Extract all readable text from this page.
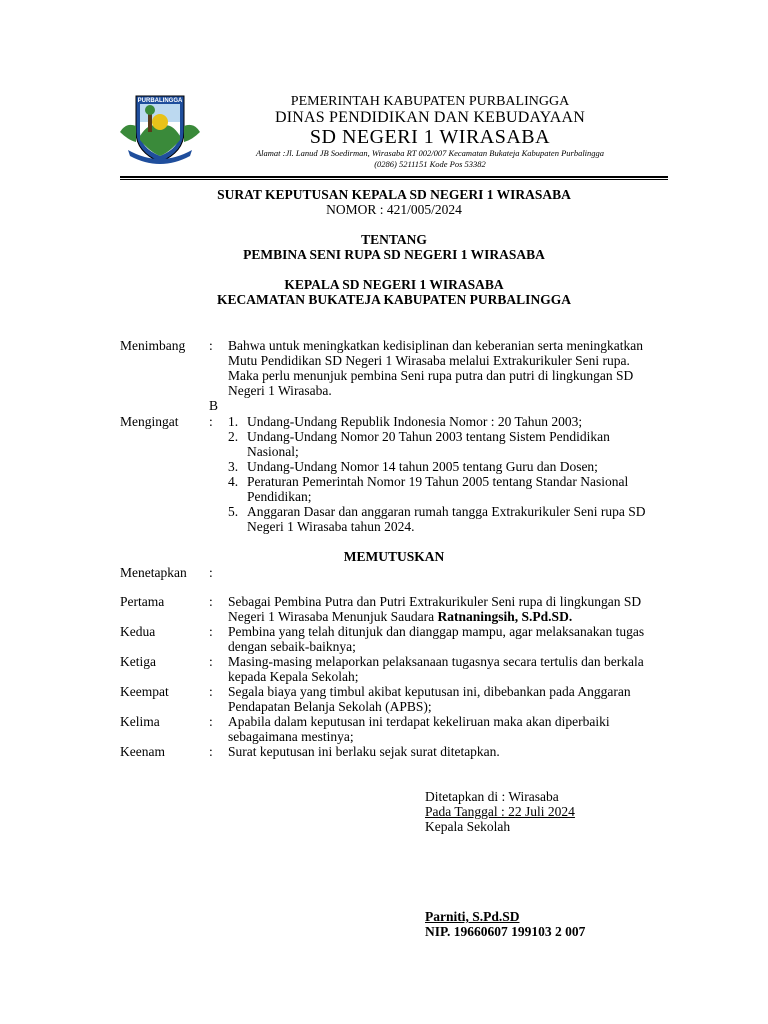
PURBALINGGA	PEMERINTAH KABUPATEN PURBALINGGA
DINAS PENDIDIKAN DAN KEBUDAYAAN
SD NEGERI 1 WIRASABA
Alamat :Jl. Lanud JB Soedirman, Wirasaba RT 002/007 Kecamatan Bukateja Kabupaten Purbalingga
(0286) 5211151 Kode Pos 53382
SURAT KEPUTUSAN KEPALA SD NEGERI 1 WIRASABA
NOMOR : 421/005/2024
TENTANG
PEMBINA SENI RUPA SD NEGERI 1 WIRASABA
KEPALA SD NEGERI 1 WIRASABA
KECAMATAN BUKATEJA KABUPATEN PURBALINGGA
Menimbang : Bahwa untuk meningkatkan kedisiplinan dan keberanian serta meningkatkan
Mutu Pendidikan SD Negeri 1 Wirasaba melalui Extrakurikuler Seni rupa.
Maka perlu menunjuk pembina Seni rupa putra dan putri di lingkungan SD
Negeri 1 Wirasaba.
B
Mengingat : 1. Undang-Undang Republik Indonesia Nomor : 20 Tahun 2003;
2. Undang-Undang Nomor 20 Tahun 2003 tentang Sistem Pendidikan
Nasional;
3. Undang-Undang Nomor 14 tahun 2005 tentang Guru dan Dosen;
4. Peraturan Pemerintah Nomor 19 Tahun 2005 tentang Standar Nasional
Pendidikan;
5. Anggaran Dasar dan anggaran rumah tangga Extrakurikuler Seni rupa SD
Negeri 1 Wirasaba tahun 2024.
MEMUTUSKAN
Menetapkan :
Pertama	: Sebagai Pembina Putra dan Putri Extrakurikuler Seni rupa di lingkungan SD
Negeri 1 Wirasaba Menunjuk Saudara Ratnaningsih, S.Pd.SD.
Kedua	: Pembina yang telah ditunjuk dan dianggap mampu, agar melaksanakan tugas
dengan sebaik-baiknya;
Ketiga	: Masing-masing melaporkan pelaksanaan tugasnya secara tertulis dan berkala
kepada Kepala Sekolah;
Keempat	: Segala biaya yang timbul akibat keputusan ini, dibebankan pada Anggaran
Pendapatan Belanja Sekolah (APBS);
Kelima	: Apabila dalam keputusan ini terdapat kekeliruan maka akan diperbaiki
sebagaimana mestinya;
Keenam	: Surat keputusan ini berlaku sejak surat ditetapkan.
Ditetapkan di : Wirasaba
Pada Tanggal : 22 Juli 2024
Kepala Sekolah
Parniti, S.Pd.SD
NIP. 19660607 199103 2 007
